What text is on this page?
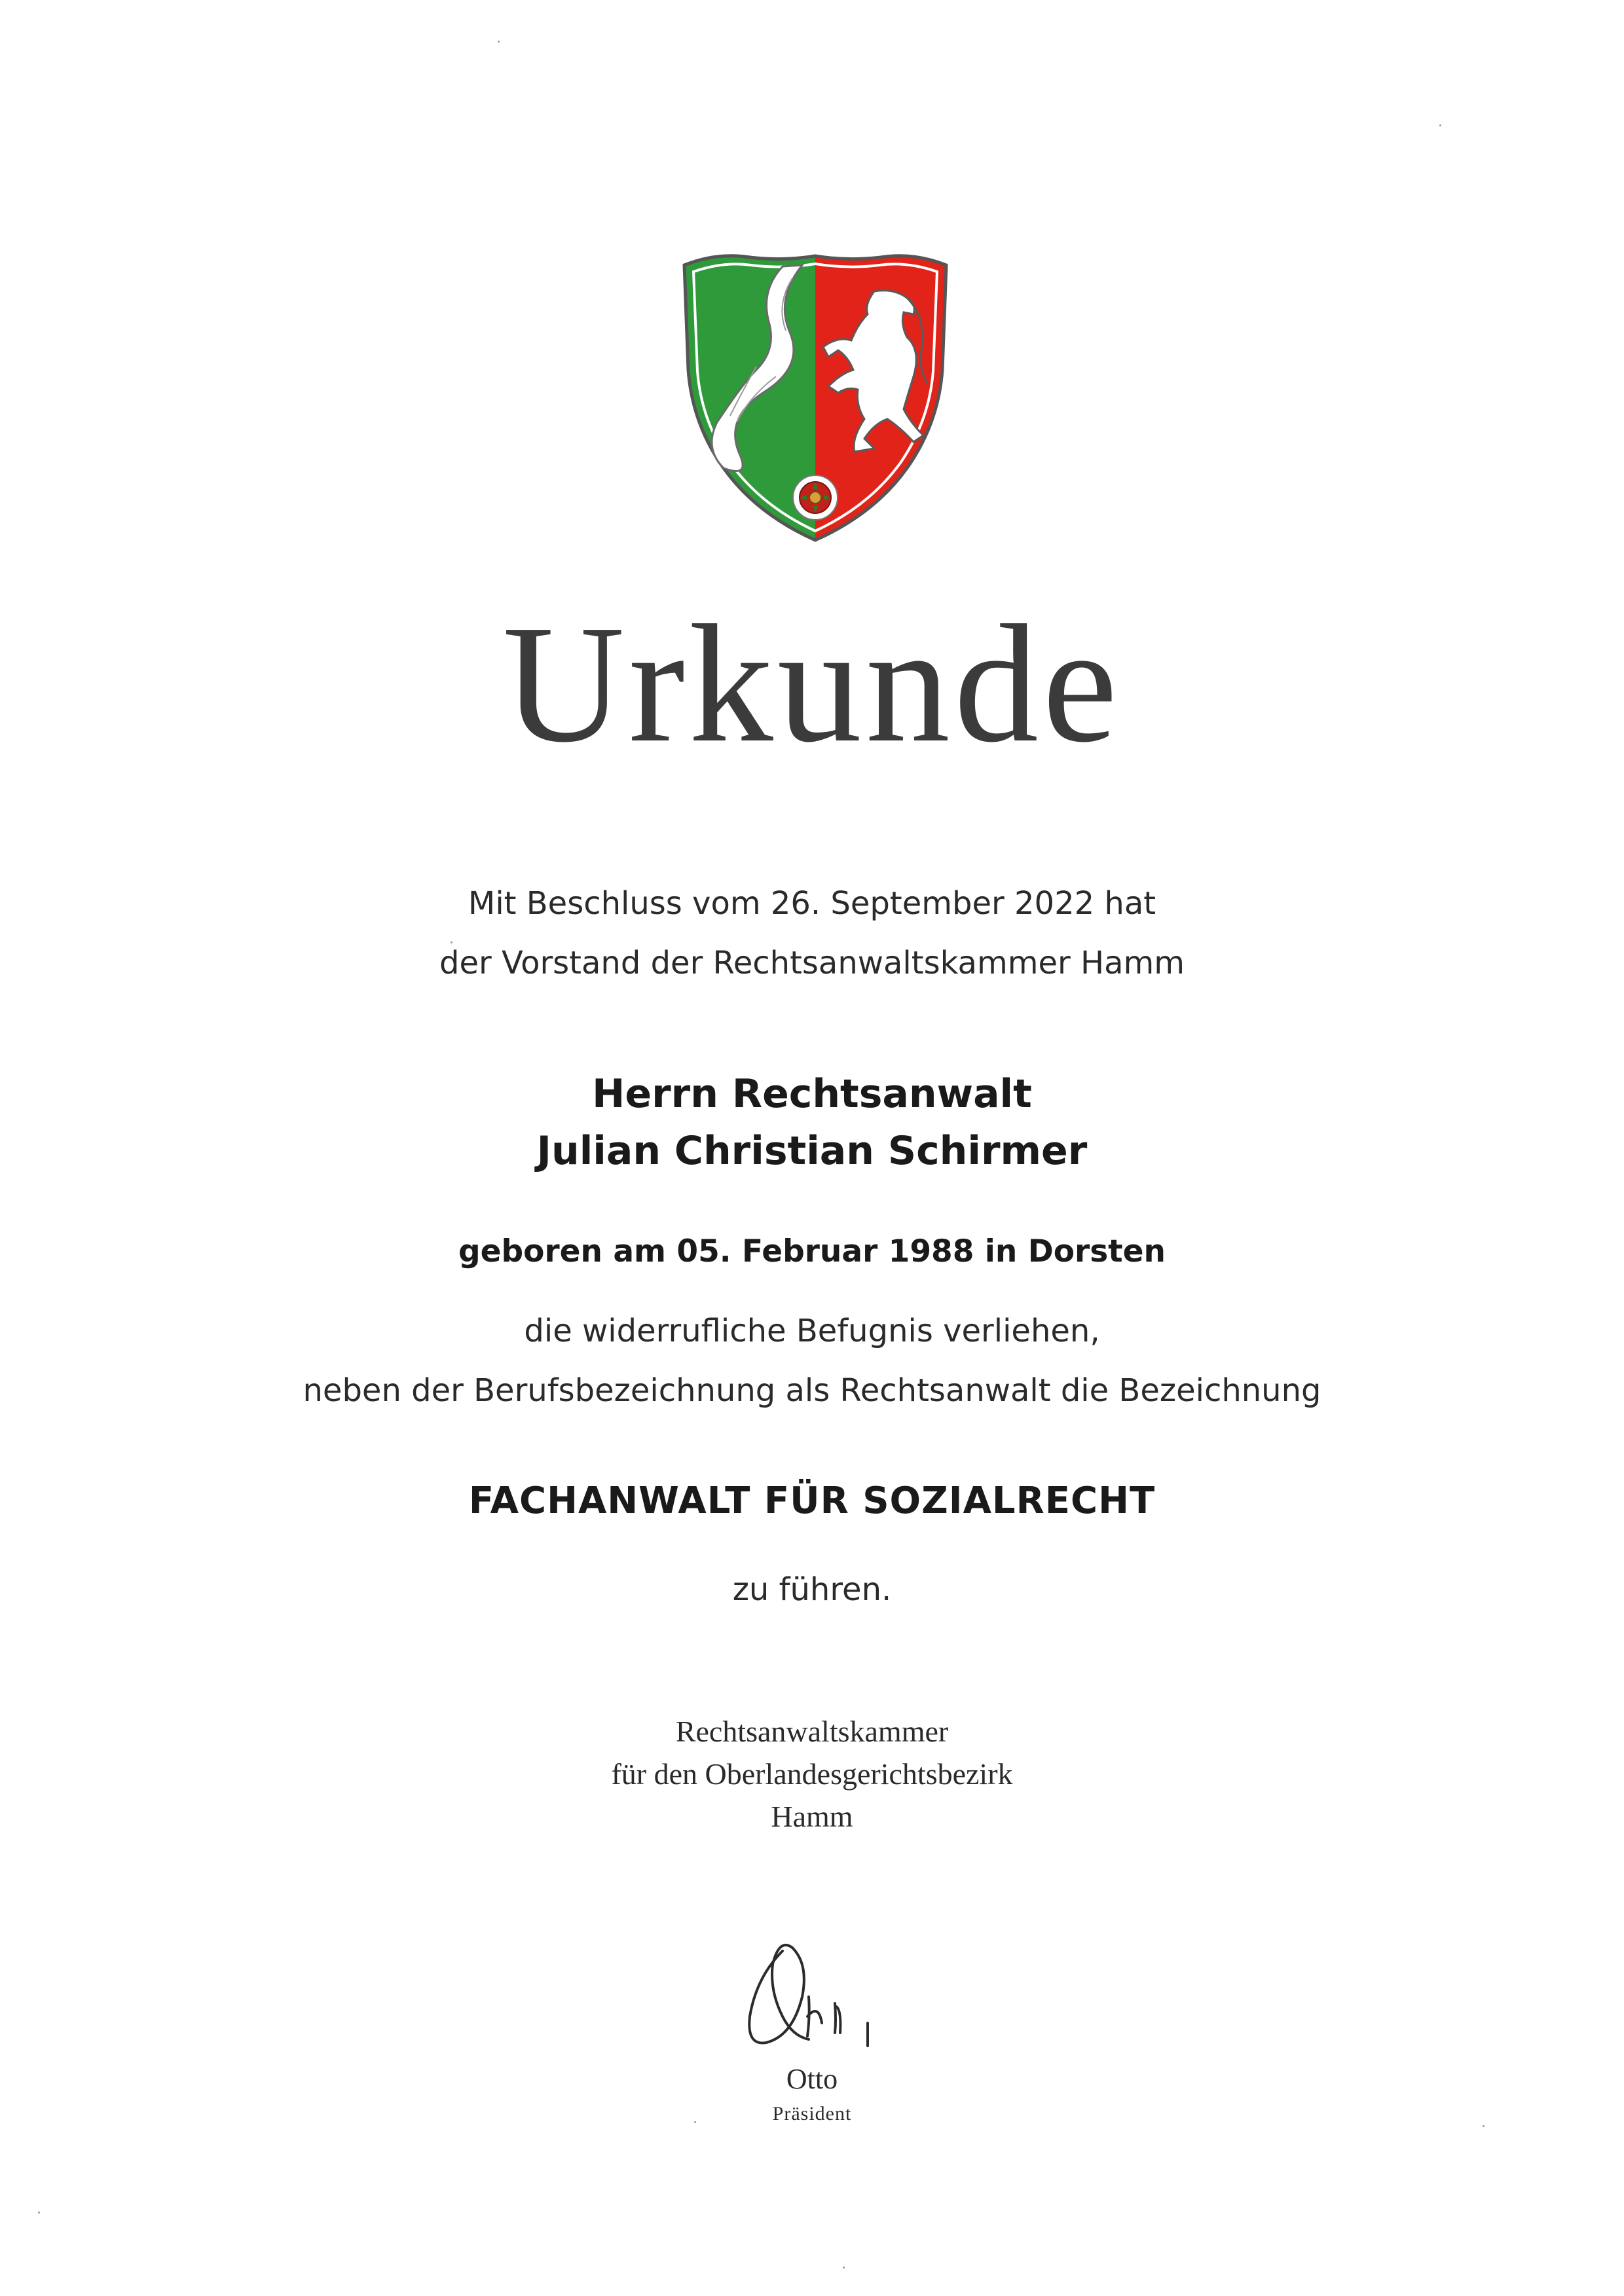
Urkunde
Mit Beschluss vom 26. September 2022 hat
der Vorstand der Rechtsanwaltskammer Hamm
Herrn Rechtsanwalt
Julian Christian Schirmer
geboren am 05. Februar 1988 in Dorsten
die widerrufliche Befugnis verliehen,
neben der Berufsbezeichnung als Rechtsanwalt die Bezeichnung
FACHANWALT FÜR SOZIALRECHT
zu führen.
Rechtsanwaltskammer
für den Oberlandesgerichtsbezirk
Hamm
Otto
Präsident
